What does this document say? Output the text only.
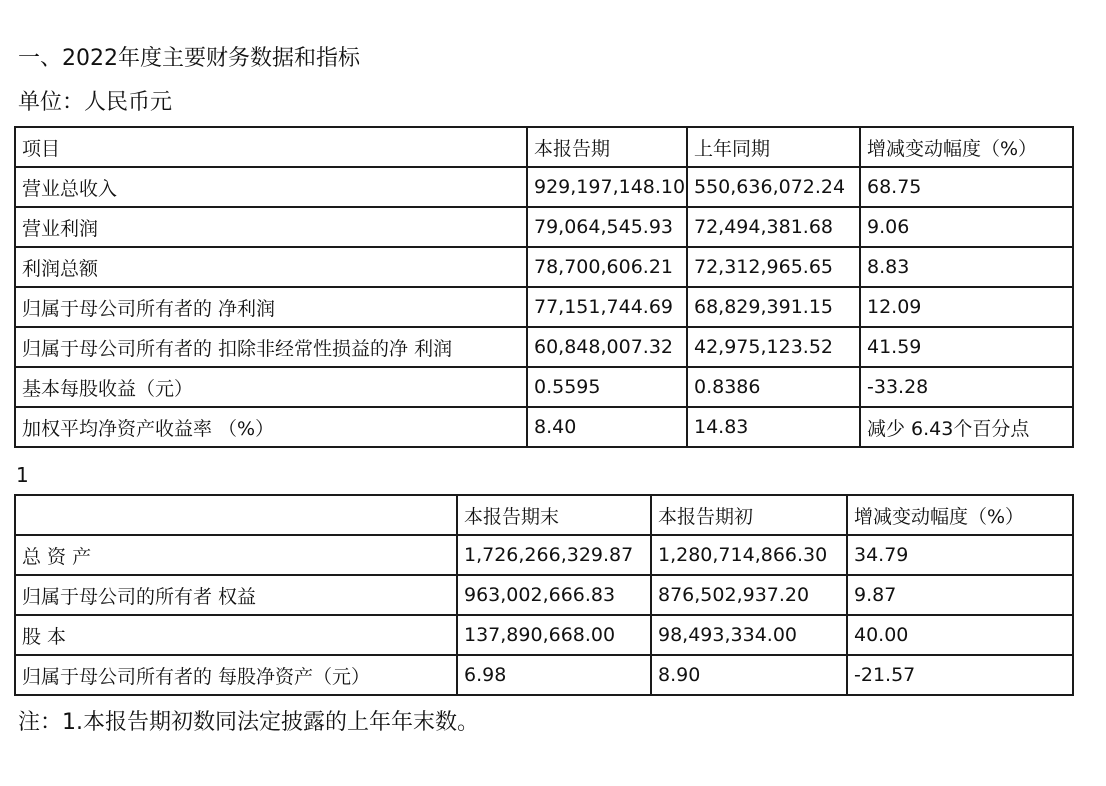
一、2022年度主要财务数据和指标
单位：人民币元
项目	本报告期	上年同期	增减变动幅度（%）
营业总收入	929,197,148.10	550,636,072.24	68.75
营业利润	79,064,545.93	72,494,381.68	9.06
利润总额	78,700,606.21	72,312,965.65	8.83
归属于母公司所有者的 净利润	77,151,744.69	68,829,391.15	12.09
归属于母公司所有者的 扣除非经常性损益的净 利润	60,848,007.32	42,975,123.52	41.59
基本每股收益（元）	0.5595	0.8386	-33.28
加权平均净资产收益率 （%）	8.40	14.83	减少 6.43个百分点
1
	本报告期末	本报告期初	增减变动幅度（%）
总 资 产	1,726,266,329.87	1,280,714,866.30	34.79
归属于母公司的所有者 权益	963,002,666.83	876,502,937.20	9.87
股 本	137,890,668.00	98,493,334.00	40.00
归属于母公司所有者的 每股净资产（元）	6.98	8.90	-21.57
注：1.本报告期初数同法定披露的上年年末数。
